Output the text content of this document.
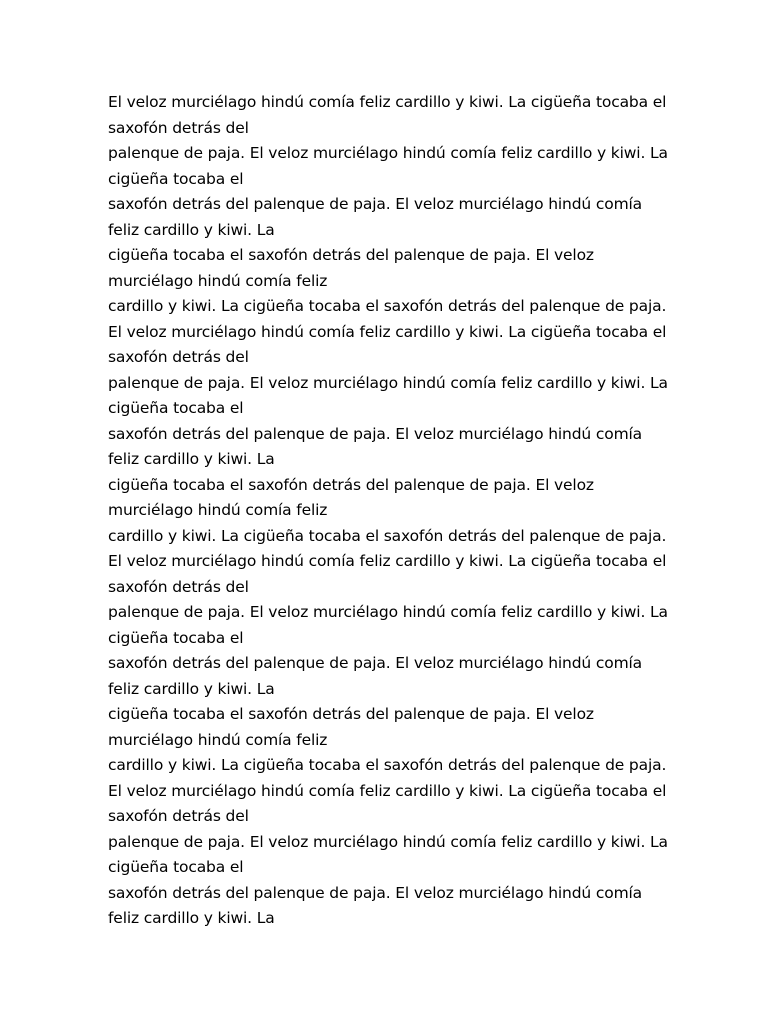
El veloz murciélago hindú comía feliz cardillo y kiwi. La cigüeña tocaba el saxofón detrás del

palenque de paja. El veloz murciélago hindú comía feliz cardillo y kiwi. La cigüeña tocaba el

saxofón detrás del palenque de paja. El veloz murciélago hindú comía feliz cardillo y kiwi. La

cigüeña tocaba el saxofón detrás del palenque de paja. El veloz murciélago hindú comía feliz

cardillo y kiwi. La cigüeña tocaba el saxofón detrás del palenque de paja.

El veloz murciélago hindú comía feliz cardillo y kiwi. La cigüeña tocaba el saxofón detrás del

palenque de paja. El veloz murciélago hindú comía feliz cardillo y kiwi. La cigüeña tocaba el

saxofón detrás del palenque de paja. El veloz murciélago hindú comía feliz cardillo y kiwi. La

cigüeña tocaba el saxofón detrás del palenque de paja. El veloz murciélago hindú comía feliz

cardillo y kiwi. La cigüeña tocaba el saxofón detrás del palenque de paja.

El veloz murciélago hindú comía feliz cardillo y kiwi. La cigüeña tocaba el saxofón detrás del

palenque de paja. El veloz murciélago hindú comía feliz cardillo y kiwi. La cigüeña tocaba el

saxofón detrás del palenque de paja. El veloz murciélago hindú comía feliz cardillo y kiwi. La

cigüeña tocaba el saxofón detrás del palenque de paja. El veloz murciélago hindú comía feliz

cardillo y kiwi. La cigüeña tocaba el saxofón detrás del palenque de paja.

El veloz murciélago hindú comía feliz cardillo y kiwi. La cigüeña tocaba el saxofón detrás del

palenque de paja. El veloz murciélago hindú comía feliz cardillo y kiwi. La cigüeña tocaba el

saxofón detrás del palenque de paja. El veloz murciélago hindú comía feliz cardillo y kiwi. La
